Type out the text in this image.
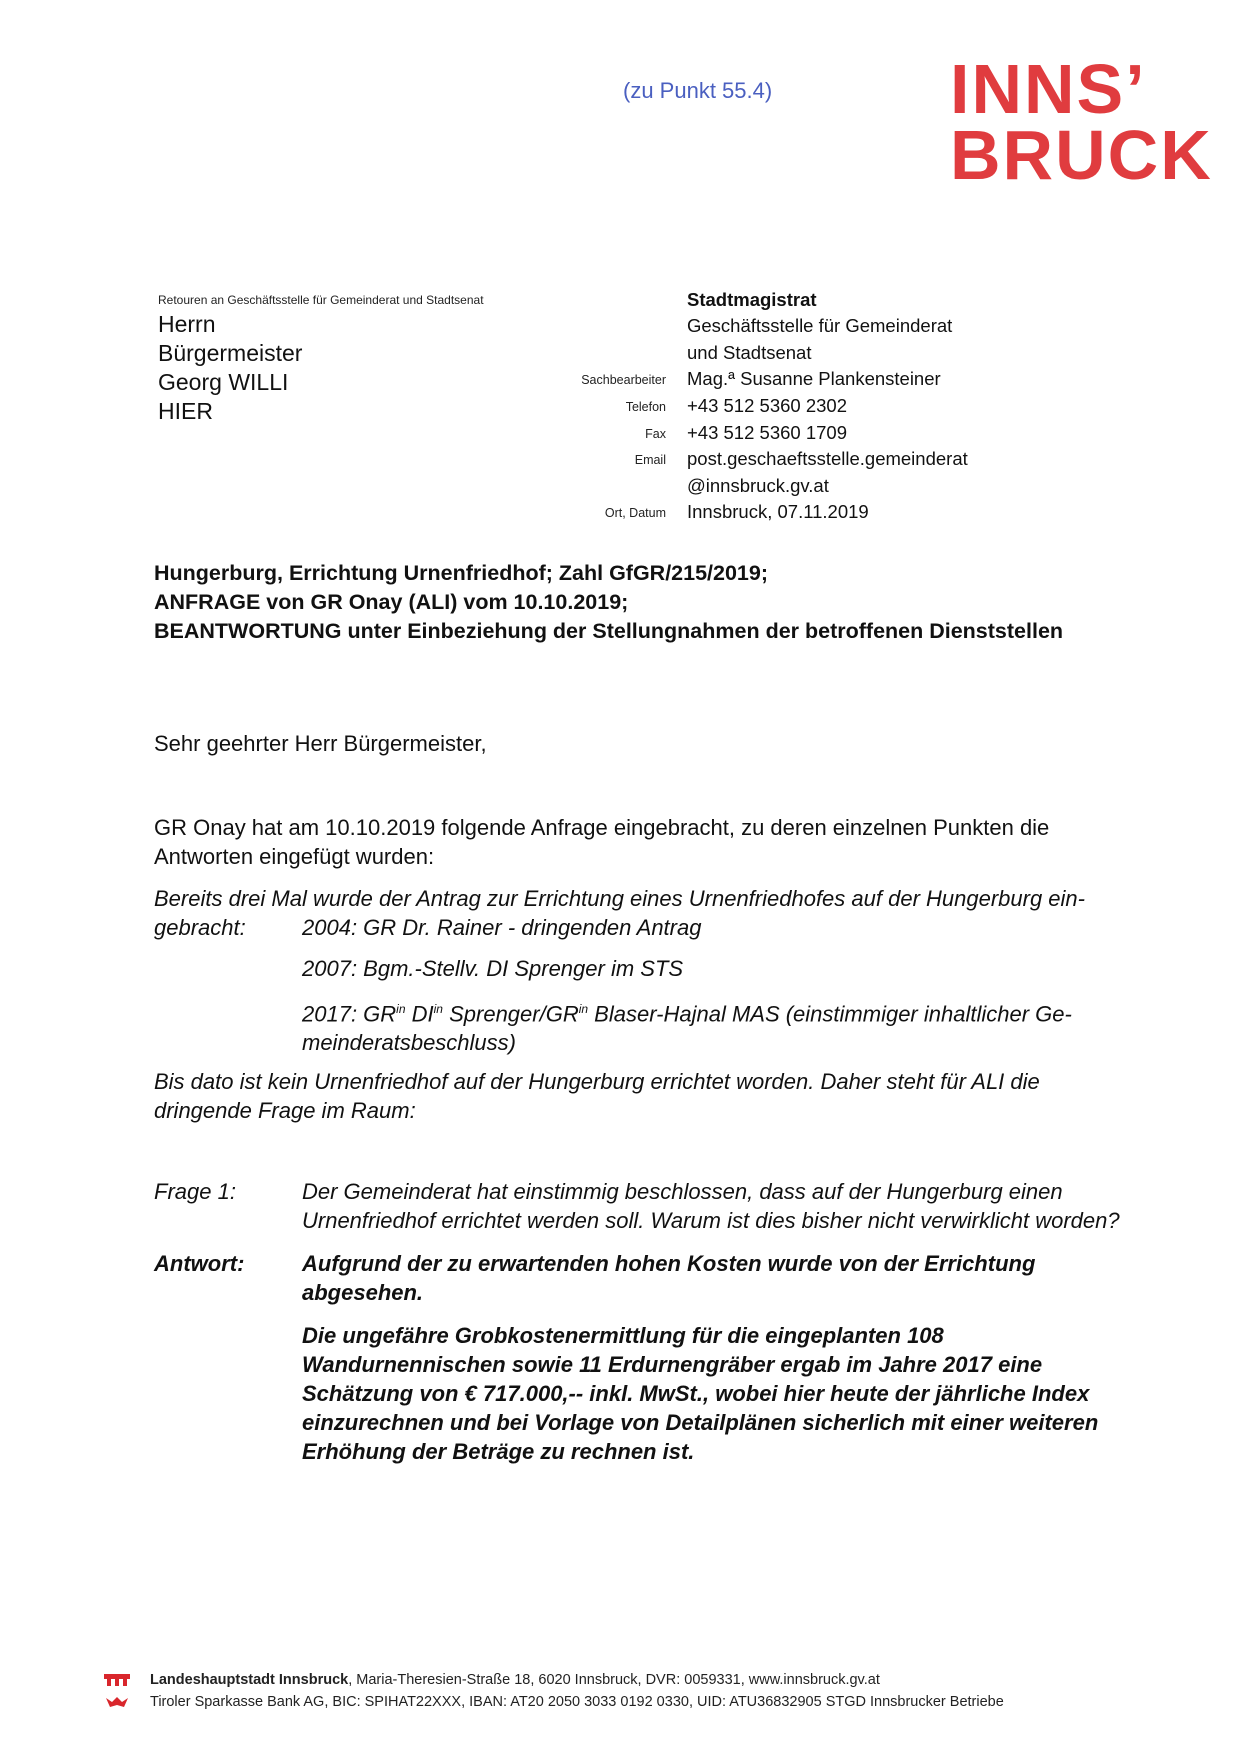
(zu Punkt 55.4)	INNS’
BRUCK
Retouren an Geschäftsstelle für Gemeinderat und Stadtsenat
Herrn
Bürgermeister
Georg WILLI
HIER
Stadtmagistrat
Geschäftsstelle für Gemeinderat
und Stadtsenat
Sachbearbeiter	Mag.ª Susanne Plankensteiner
Telefon	+43 512 5360 2302
Fax	+43 512 5360 1709
Email	post.geschaeftsstelle.gemeinderat
@innsbruck.gv.at
Ort, Datum	Innsbruck, 07.11.2019
Hungerburg, Errichtung Urnenfriedhof; Zahl GfGR/215/2019;
ANFRAGE von GR Onay (ALI) vom 10.10.2019;
BEANTWORTUNG unter Einbeziehung der Stellungnahmen der betroffenen Dienststellen
Sehr geehrter Herr Bürgermeister,
GR Onay hat am 10.10.2019 folgende Anfrage eingebracht, zu deren einzelnen Punkten die Antworten eingefügt wurden:
Bereits drei Mal wurde der Antrag zur Errichtung eines Urnenfriedhofes auf der Hungerburg ein-
gebracht:	2004: GR Dr. Rainer - dringenden Antrag
2007: Bgm.-Stellv. DI Sprenger im STS
2017: $GR^{in}$ $DI^{in}$ Sprenger/$GR^{in}$ Blaser-Hajnal MAS (einstimmiger inhaltlicher Ge-meinderatsbeschluss)
Bis dato ist kein Urnenfriedhof auf der Hungerburg errichtet worden. Daher steht für ALI die dringende Frage im Raum:
Frage 1:	Der Gemeinderat hat einstimmig beschlossen, dass auf der Hungerburg einen Urnenfriedhof errichtet werden soll. Warum ist dies bisher nicht verwirklicht worden?
Antwort:	Aufgrund der zu erwartenden hohen Kosten wurde von der Errichtung abgesehen.
Die ungefähre Grobkostenermittlung für die eingeplanten 108 Wandurnennischen sowie 11 Erdurnengräber ergab im Jahre 2017 eine Schätzung von € 717.000,-- inkl. MwSt., wobei hier heute der jährliche Index einzurechnen und bei Vorlage von Detailplänen sicherlich mit einer weiteren Erhöhung der Beträge zu rechnen ist.
Landeshauptstadt Innsbruck , Maria-Theresien-Straße 18, 6020 Innsbruck, DVR: 0059331, www.innsbruck.gv.at
Tiroler Sparkasse Bank AG, BIC: SPIHAT22XXX, IBAN: AT20 2050 3033 0192 0330, UID: ATU36832905 STGD Innsbrucker Betriebe
